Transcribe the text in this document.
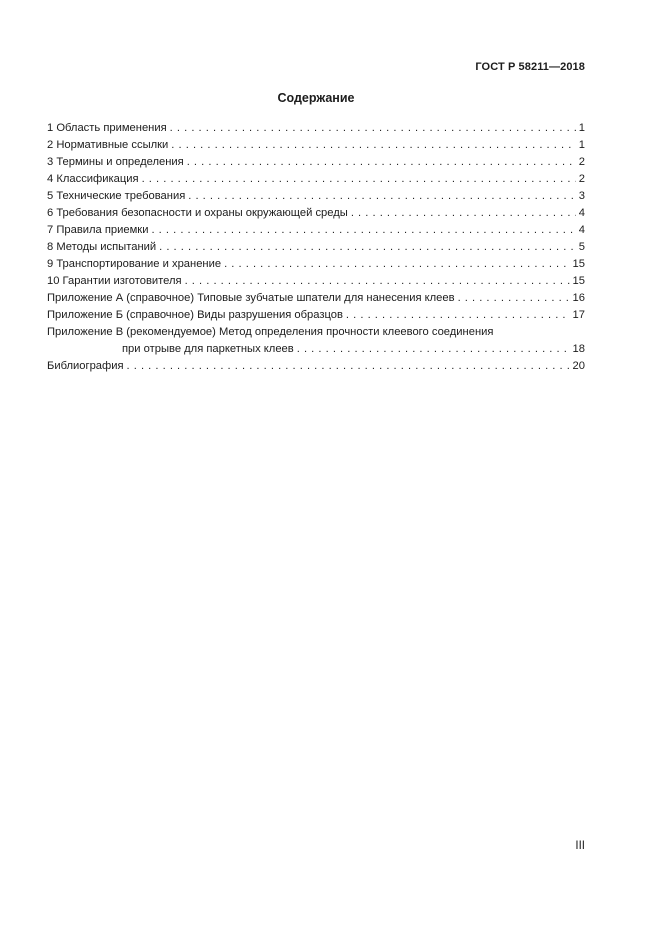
ГОСТ Р 58211—2018
Содержание
1 Область применения . . .	1
2 Нормативные ссылки . . .	1
3 Термины и определения . . .	2
4 Классификация . . .	2
5 Технические требования . . .	3
6 Требования безопасности и охраны окружающей среды . . .	4
7 Правила приемки . . .	4
8 Методы испытаний . . .	5
9 Транспортирование и хранение . . .	15
10 Гарантии изготовителя . . .	15
Приложение А (справочное) Типовые зубчатые шпатели для нанесения клеев . . .	16
Приложение Б (справочное) Виды разрушения образцов . . .	17
Приложение В (рекомендуемое) Метод определения прочности клеевого соединения
при отрыве для паркетных клеев . . .	18
Библиография . . .	20
III
